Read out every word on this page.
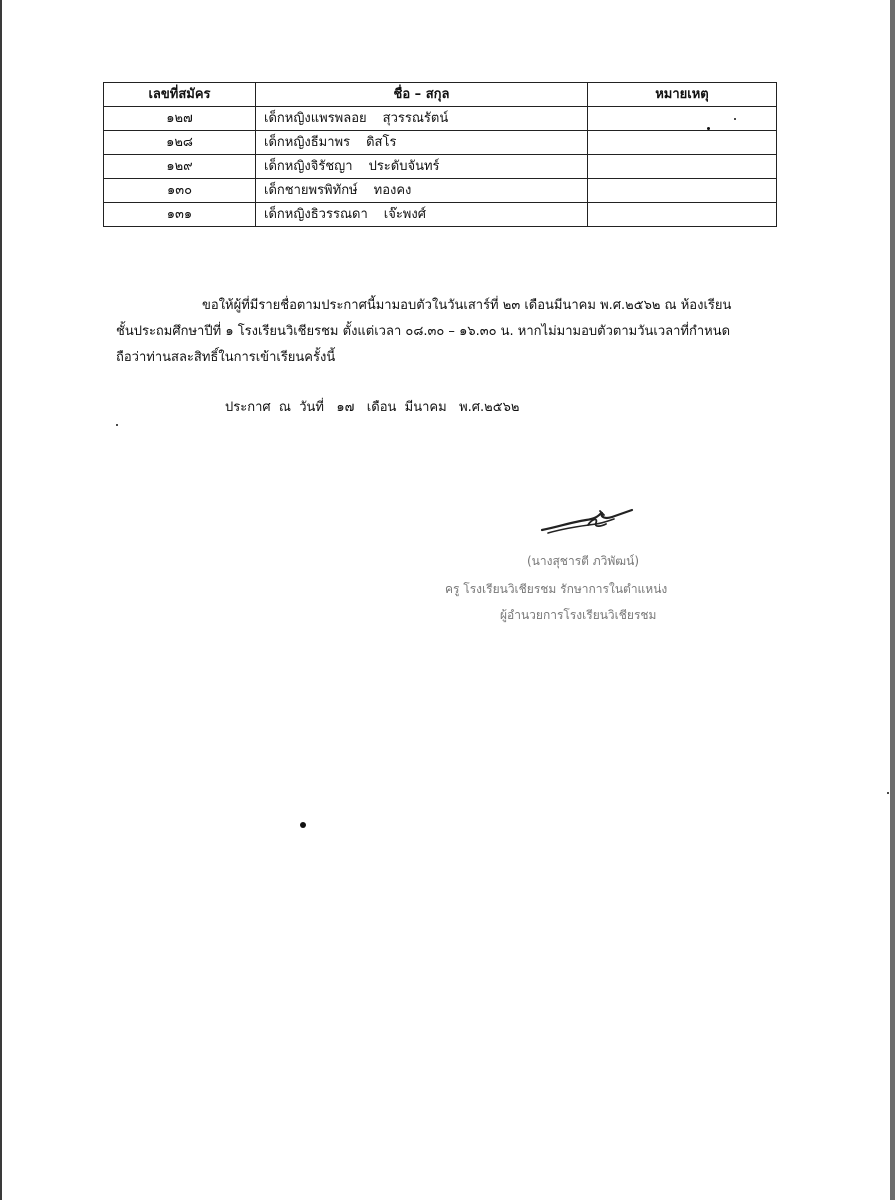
เลขที่สมัคร	ชื่อ – สกุล	หมายเหตุ
๑๒๗	เด็กหญิงแพรพลอย สุวรรณรัตน์	
๑๒๘	เด็กหญิงธีมาพร ดิสโร	
๑๒๙	เด็กหญิงจิรัชญา ประดับจันทร์	
๑๓๐	เด็กชายพรพิทักษ์ ทองคง	
๑๓๑	เด็กหญิงธิวรรณดา เจ๊ะพงศ์	

ขอให้ผู้ที่มีรายชื่อตามประกาศนี้มามอบตัวในวันเสาร์ที่ ๒๓ เดือนมีนาคม พ.ศ.๒๕๖๒ ณ ห้องเรียน

ชั้นประถมศึกษาปีที่ ๑ โรงเรียนวิเชียรชม ตั้งแต่เวลา ๐๘.๓๐ – ๑๖.๓๐ น. หากไม่มามอบตัวตามวันเวลาที่กำหนด

ถือว่าท่านสละสิทธิ์ในการเข้าเรียนครั้งนี้

ประกาศ  ณ  วันที่   ๑๗   เดือน  มีนาคม   พ.ศ.๒๕๖๒
(นางสุชารตี ภวิพัฒน์)
ครู โรงเรียนวิเชียรชม รักษาการในตำแหน่ง
ผู้อำนวยการโรงเรียนวิเชียรชม
